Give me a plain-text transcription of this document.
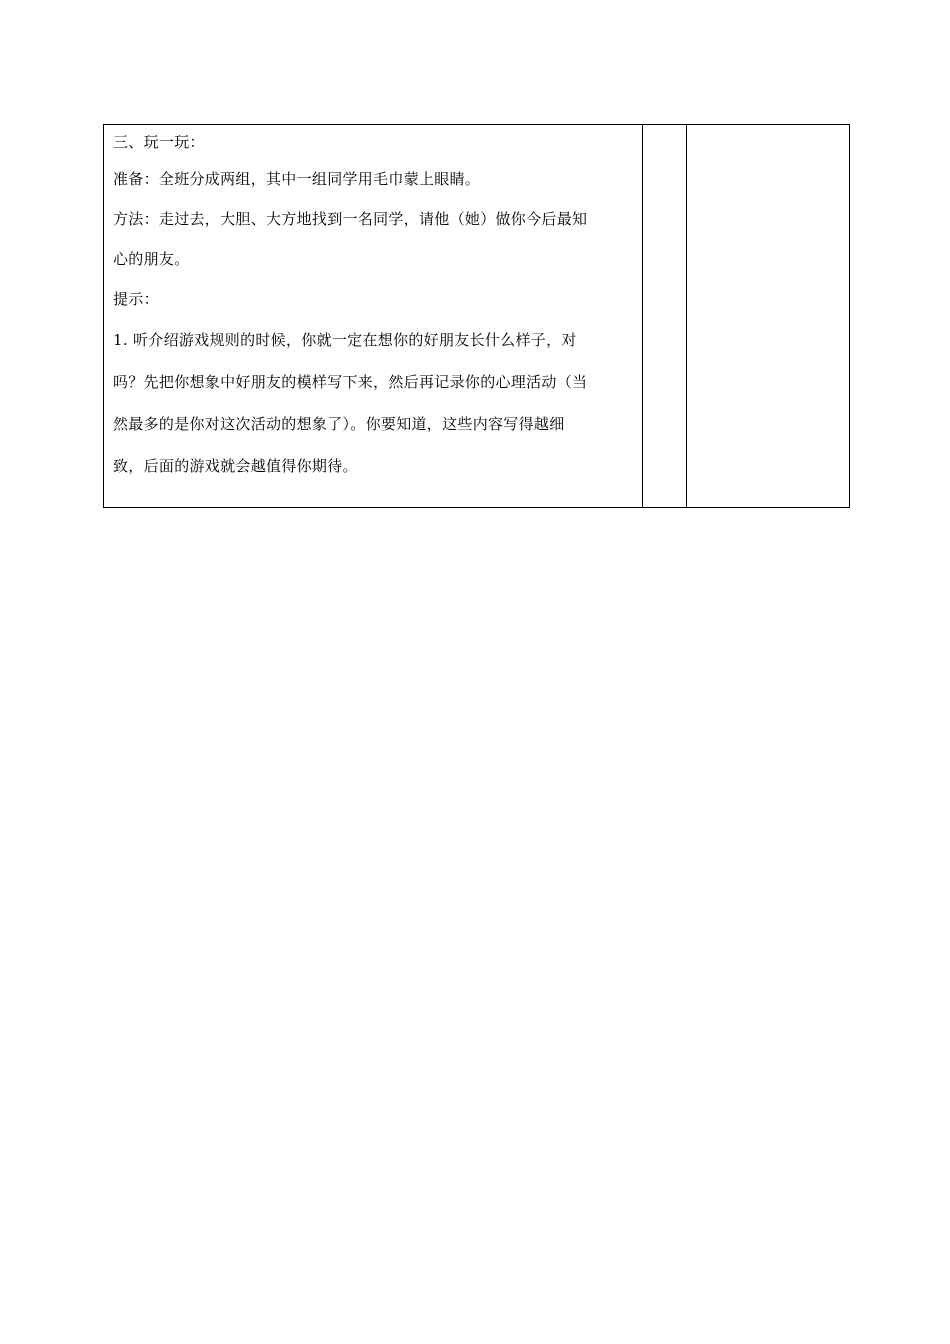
三、玩一玩：
准备：全班分成两组，其中一组同学用毛巾蒙上眼睛。
方法：走过去，大胆、大方地找到一名同学，请他（她）做你今后最知
心的朋友。
提示：
1. 听介绍游戏规则的时候，你就一定在想你的好朋友长什么样子，对
吗？先把你想象中好朋友的模样写下来，然后再记录你的心理活动（当
然最多的是你对这次活动的想象了）。你要知道，这些内容写得越细
致，后面的游戏就会越值得你期待。
